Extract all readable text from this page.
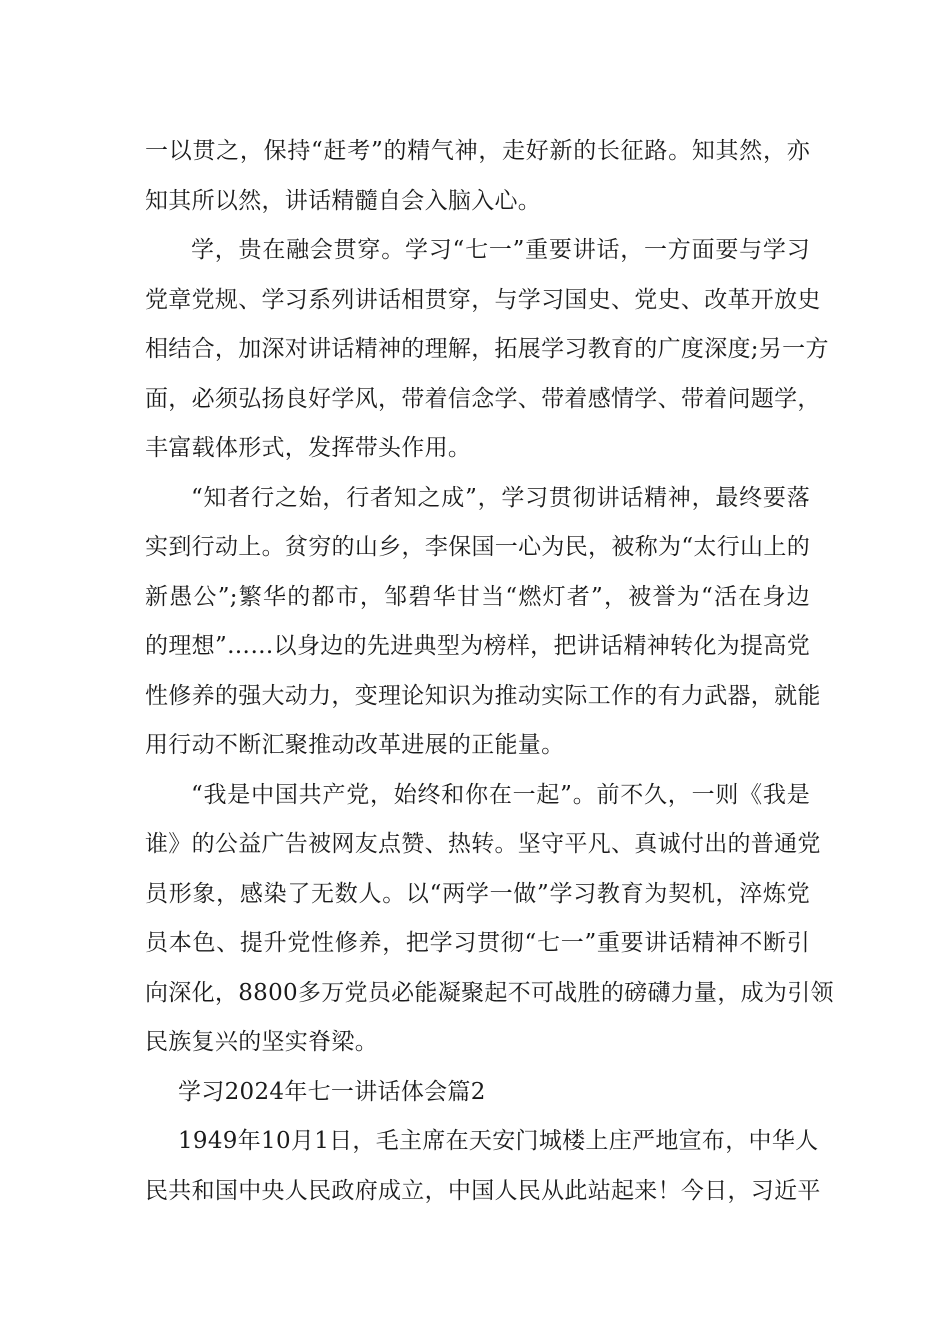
一以贯之，保持“赶考”的精气神，走好新的长征路。知其然，亦
知其所以然，讲话精髓自会入脑入心。
学，贵在融会贯穿。学习“七一”重要讲话，一方面要与学习
党章党规、学习系列讲话相贯穿，与学习国史、党史、改革开放史
相结合，加深对讲话精神的理解，拓展学习教育的广度深度;另一方
面，必须弘扬良好学风，带着信念学、带着感情学、带着问题学，
丰富载体形式，发挥带头作用。
“知者行之始，行者知之成”，学习贯彻讲话精神，最终要落
实到行动上。贫穷的山乡，李保国一心为民，被称为“太行山上的
新愚公”;繁华的都市，邹碧华甘当“燃灯者”，被誉为“活在身边
的理想”……以身边的先进典型为榜样，把讲话精神转化为提高党
性修养的强大动力，变理论知识为推动实际工作的有力武器，就能
用行动不断汇聚推动改革进展的正能量。
“我是中国共产党，始终和你在一起”。前不久，一则《我是
谁》的公益广告被网友点赞、热转。坚守平凡、真诚付出的普通党
员形象，感染了无数人。以“两学一做”学习教育为契机，淬炼党
员本色、提升党性修养，把学习贯彻“七一”重要讲话精神不断引
向深化，8800多万党员必能凝聚起不可战胜的磅礴力量，成为引领
民族复兴的坚实脊梁。
学习2024年七一讲话体会篇2
1949年10月1日，毛主席在天安门城楼上庄严地宣布，中华人
民共和国中央人民政府成立，中国人民从此站起来！今日，习近平
